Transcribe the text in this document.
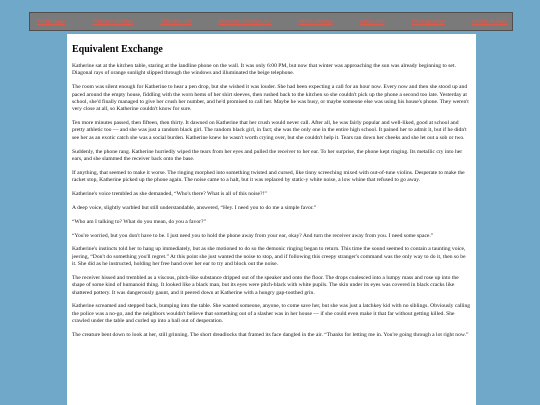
Front Page	Flipside Stories	Flipside Art	Modern Fantasy AU	Misc. Stories	Misc. Art	Photography	Fanfic/Fanart
Equivalent Exchange

Katherine sat at the kitchen table, staring at the landline phone on the wall. It was only 6:00 PM, but now that winter was approaching the sun was already beginning to set. Diagonal rays of orange sunlight slipped through the windows and illuminated the beige telephone.

The room was silent enough for Katherine to hear a pen drop, but she wished it was louder. She had been expecting a call for an hour now. Every now and then she stood up and paced around the empty house, fiddling with the worn hems of her shirt sleeves, then rushed back to the kitchen so she couldn't pick up the phone a second too late. Yesterday at school, she'd finally managed to give her crush her number, and he'd promised to call her. Maybe he was busy, or maybe someone else was using his house's phone. They weren't very close at all, so Katherine couldn't know for sure.

Ten more minutes passed, then fifteen, then thirty. It dawned on Katherine that her crush would never call. After all, he was fairly popular and well-liked, good at school and pretty athletic too — and she was just a random black girl. The random black girl, in fact; she was the only one in the entire high school. It pained her to admit it, but if he didn't see her as an exotic catch she was a social burden. Katherine knew he wasn't worth crying over, but she couldn't help it. Tears ran down her cheeks and she let out a sob or two.

Suddenly, the phone rang. Katherine hurriedly wiped the tears from her eyes and pulled the receiver to her ear. To her surprise, the phone kept ringing. Its metallic cry into her ears, and she slammed the receiver back onto the base.

If anything, that seemed to make it worse. The ringing morphed into something twisted and cursed, like tinny screeching mixed with out-of-tune violins. Desperate to make the racket stop, Katherine picked up the phone again. The noise came to a halt, but it was replaced by static-y white noise, a low whine that refused to go away.

Katherine's voice trembled as she demanded, “Who's there? What is all of this noise?!”

A deep voice, slightly warbled but still understandable, answered, “Hey. I need you to do me a simple favor.”

“Who am I talking to? What do you mean, do you a favor?”

“You're worried, but you don't have to be. I just need you to hold the phone away from your ear, okay? And turn the receiver away from you. I need some space.”

Katherine's instincts told her to hang up immediately, but as she motioned to do so the demonic ringing began to return. This time the sound seemed to contain a taunting voice, jeering, “Don't do something you'll regret.” At this point she just wanted the noise to stop, and if following this creepy stranger's command was the only way to do it, then so be it. She did as he instructed, holding her free hand over her ear to try and block out the noise.

The receiver hissed and trembled as a viscous, pitch-like substance dripped out of the speaker and onto the floor. The drops coalesced into a lumpy mass and rose up into the shape of some kind of humanoid thing. It looked like a black man, but its eyes were pitch-black with white pupils. The skin under its eyes was covered in black cracks like shattered pottery. It was dangerously gaunt, and it peered down at Katherine with a hungry gap-toothed grin.

Katherine screamed and stepped back, bumping into the table. She wanted someone, anyone, to come save her, but she was just a latchkey kid with no siblings. Obviously calling the police was a no-go, and the neighbors wouldn't believe that something out of a slasher was in her house — if she could even make it that far without getting killed. She crawled under the table and curled up into a ball out of desperation.

The creature bent down to look at her, still grinning. The short dreadlocks that framed its face dangled in the air. “Thanks for letting me in. You're going through a lot right now.”
